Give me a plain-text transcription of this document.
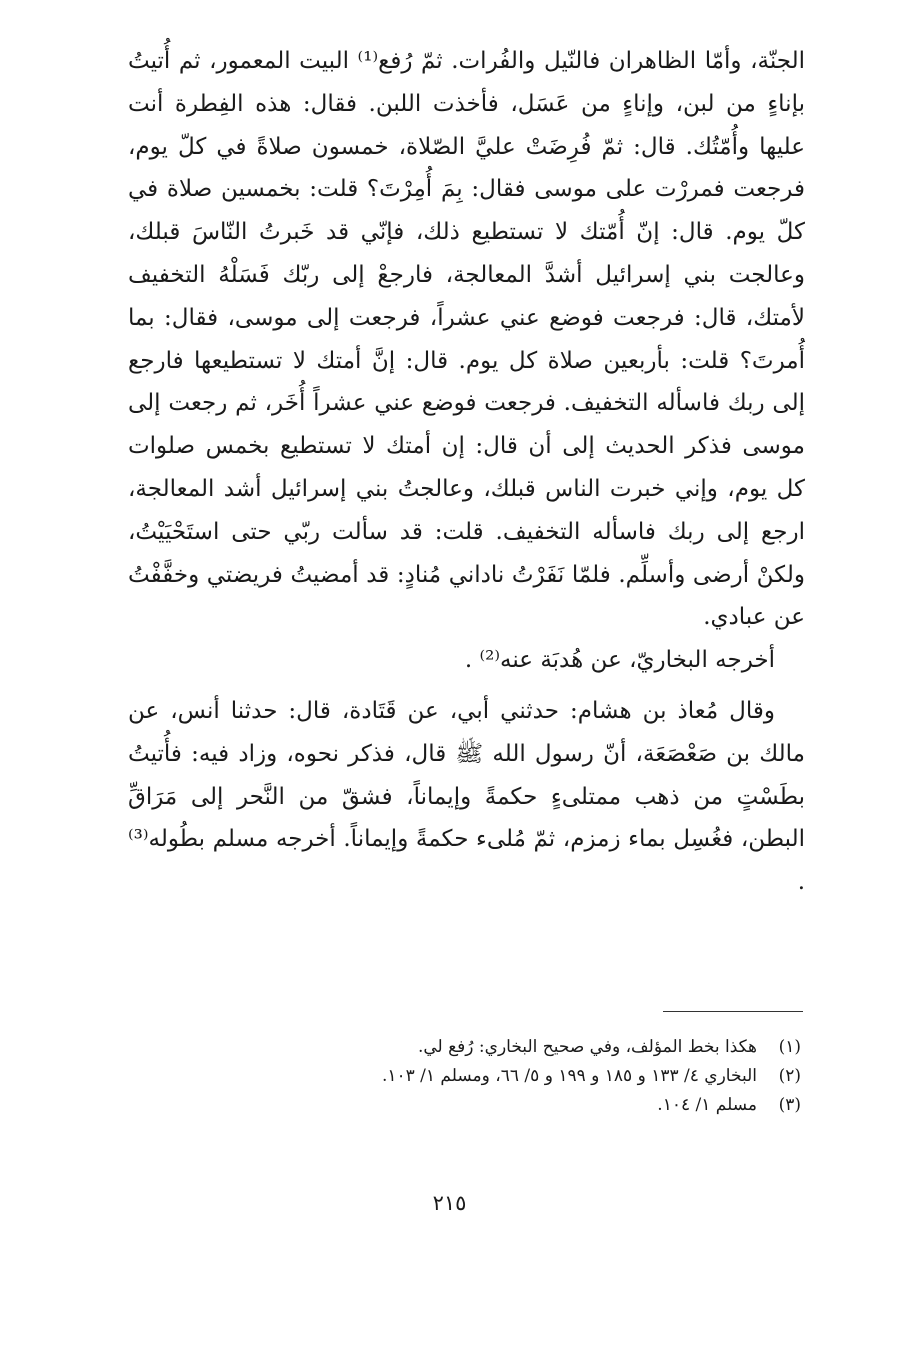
الجنّة، وأمّا الظاهران فالنّيل والفُرات. ثمّ رُفع⁽¹⁾ البيت المعمور، ثم أُتيتُ بإناءٍ من لبن، وإناءٍ من عَسَل، فأخذت اللبن. فقال: هذه الفِطرة أنت عليها وأُمّتُك. قال: ثمّ فُرِضَتْ عليَّ الصّلاة، خمسون صلاةً في كلّ يوم، فرجعت فمررْت على موسى فقال: بِمَ أُمِرْتَ؟ قلت: بخمسين صلاة في كلّ يوم. قال: إنّ أُمّتك لا تستطيع ذلك، فإنّي قد خَبرتُ النّاسَ قبلك، وعالجت بني إسرائيل أشدَّ المعالجة، فارجعْ إلى ربّك فَسَلْهُ التخفيف لأمتك، قال: فرجعت فوضع عني عشراً، فرجعت إلى موسى، فقال: بما أُمرتَ؟ قلت: بأربعين صلاة كل يوم. قال: إنَّ أمتك لا تستطيعها فارجع إلى ربك فاسأله التخفيف. فرجعت فوضع عني عشراً أُخَر، ثم رجعت إلى موسى فذكر الحديث إلى أن قال: إن أمتك لا تستطيع بخمس صلوات كل يوم، وإني خبرت الناس قبلك، وعالجتُ بني إسرائيل أشد المعالجة، ارجع إلى ربك فاسأله التخفيف. قلت: قد سألت ربّي حتى استَحْيَيْتُ، ولكنْ أرضى وأسلِّم. فلمّا نَفَرْتُ ناداني مُنادٍ: قد أمضيتُ فريضتي وخفَّفْتُ عن عبادي.

أخرجه البخاريّ، عن هُدبَة عنه⁽²⁾ .

وقال مُعاذ بن هشام: حدثني أبي، عن قَتَادة، قال: حدثنا أنس، عن مالك بن صَعْصَعَة، أنّ رسول الله ﷺ قال، فذكر نحوه، وزاد فيه: فأُتيتُ بطَسْتٍ من ذهب ممتلىءٍ حكمةً وإيماناً، فشقّ من النَّحر إلى مَرَاقِّ البطن، فغُسِل بماء زمزم، ثمّ مُلىء حكمةً وإيماناً. أخرجه مسلم بطُوله⁽³⁾ .

(١)هكذا بخط المؤلف، وفي صحيح البخاري: رُفع لي.
(٢)البخاري ٤/ ١٣٣ و ١٨٥ و ١٩٩ و ٥/ ٦٦، ومسلم ١/ ١٠٣.
(٣)مسلم ١/ ١٠٤.
٢١٥
